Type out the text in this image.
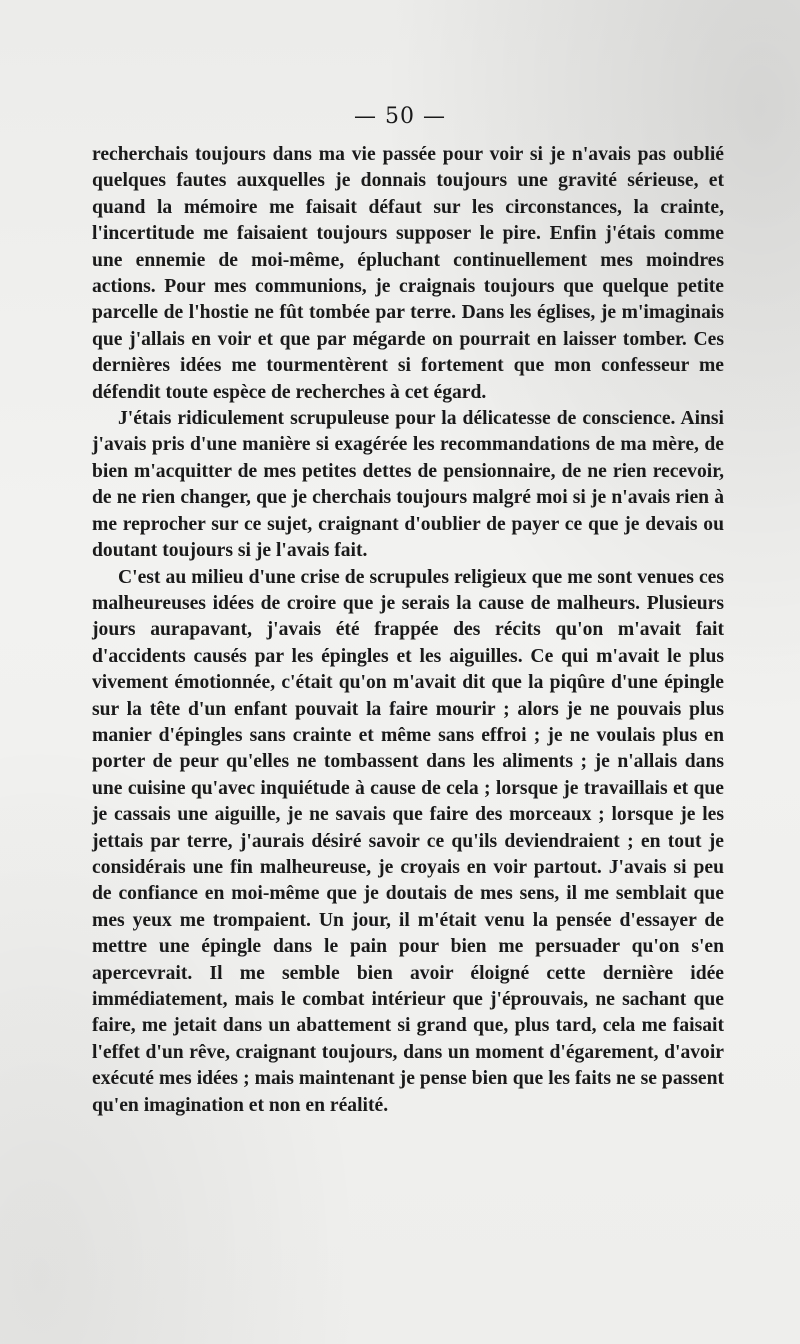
— 50 —

recherchais toujours dans ma vie passée pour voir si je n'avais pas oublié quelques fautes auxquelles je donnais toujours une gravité sérieuse, et quand la mémoire me faisait défaut sur les circonstances, la crainte, l'incertitude me faisaient toujours supposer le pire. Enfin j'étais comme une ennemie de moi-même, épluchant continuellement mes moindres actions. Pour mes communions, je craignais toujours que quelque petite parcelle de l'hostie ne fût tombée par terre. Dans les églises, je m'imaginais que j'allais en voir et que par mégarde on pourrait en laisser tomber. Ces dernières idées me tourmentèrent si fortement que mon confesseur me défendit toute espèce de recherches à cet égard.

J'étais ridiculement scrupuleuse pour la délicatesse de conscience. Ainsi j'avais pris d'une manière si exagérée les recommandations de ma mère, de bien m'acquitter de mes petites dettes de pensionnaire, de ne rien recevoir, de ne rien changer, que je cherchais toujours malgré moi si je n'avais rien à me reprocher sur ce sujet, craignant d'oublier de payer ce que je devais ou doutant toujours si je l'avais fait.

C'est au milieu d'une crise de scrupules religieux que me sont venues ces malheureuses idées de croire que je serais la cause de malheurs. Plusieurs jours aurapavant, j'avais été frappée des récits qu'on m'avait fait d'accidents causés par les épingles et les aiguilles. Ce qui m'avait le plus vivement émotionnée, c'était qu'on m'avait dit que la piqûre d'une épingle sur la tête d'un enfant pouvait la faire mourir ; alors je ne pouvais plus manier d'épingles sans crainte et même sans effroi ; je ne voulais plus en porter de peur qu'elles ne tombassent dans les aliments ; je n'allais dans une cuisine qu'avec inquiétude à cause de cela ; lorsque je travaillais et que je cassais une aiguille, je ne savais que faire des morceaux ; lorsque je les jettais par terre, j'aurais désiré savoir ce qu'ils deviendraient ; en tout je considérais une fin malheureuse, je croyais en voir partout. J'avais si peu de confiance en moi-même que je doutais de mes sens, il me semblait que mes yeux me trompaient. Un jour, il m'était venu la pensée d'essayer de mettre une épingle dans le pain pour bien me persuader qu'on s'en apercevrait. Il me semble bien avoir éloigné cette dernière idée immédiatement, mais le combat intérieur que j'éprouvais, ne sachant que faire, me jetait dans un abattement si grand que, plus tard, cela me faisait l'effet d'un rêve, craignant toujours, dans un moment d'égarement, d'avoir exécuté mes idées ; mais maintenant je pense bien que les faits ne se passent qu'en imagination et non en réalité.
